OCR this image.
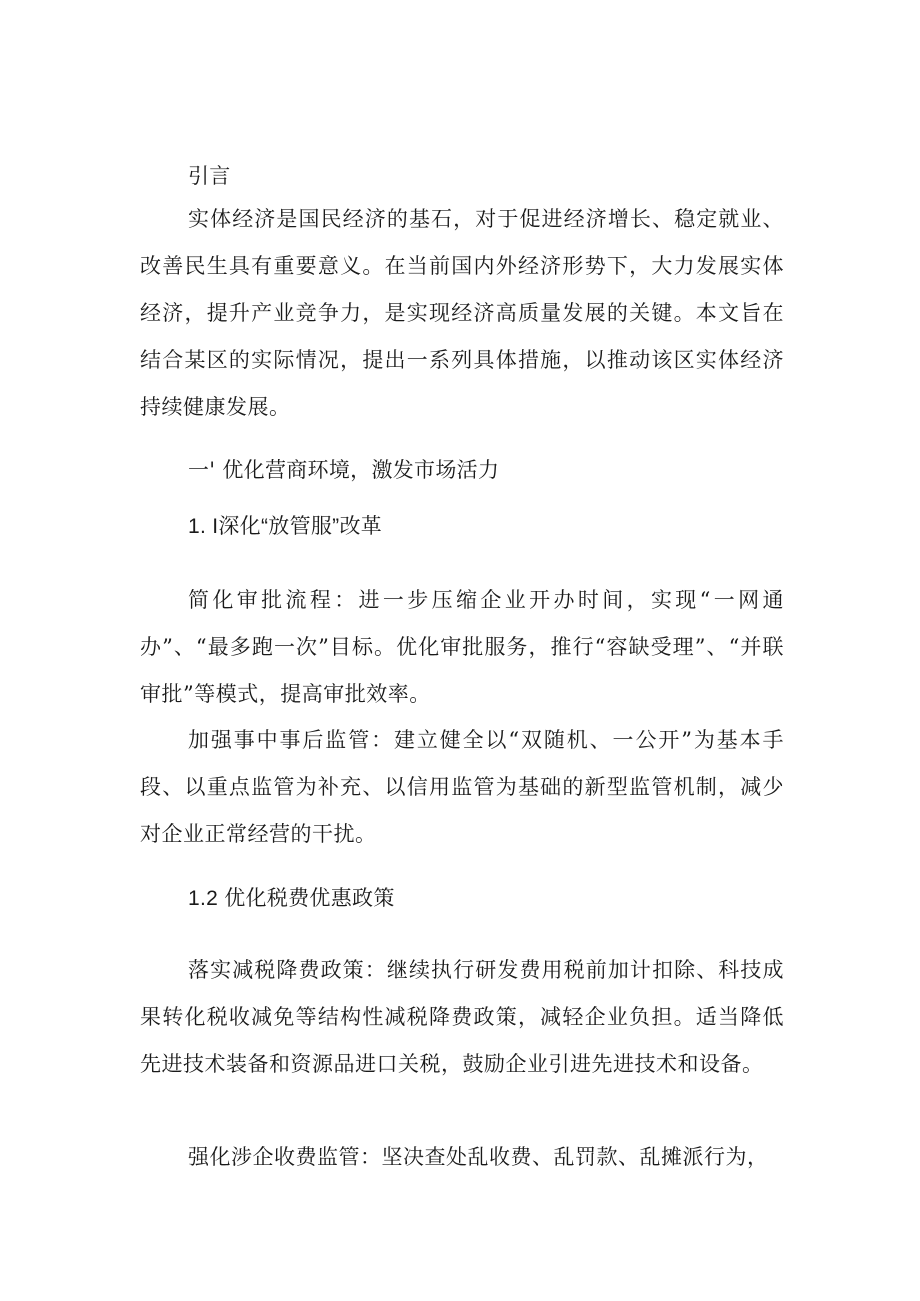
引言
实体经济是国民经济的基石，对于促进经济增长、稳定就业、改善民生具有重要意义。在当前国内外经济形势下，大力发展实体经济，提升产业竞争力，是实现经济高质量发展的关键。本文旨在结合某区的实际情况，提出一系列具体措施，以推动该区实体经济持续健康发展。
一' 优化营商环境，激发市场活力
1. I深化“放管服”改革
简化审批流程：进一步压缩企业开办时间，实现“一网通办”、“最多跑一次”目标。优化审批服务，推行“容缺受理”、“并联审批”等模式，提高审批效率。
加强事中事后监管：建立健全以“双随机、一公开”为基本手段、以重点监管为补充、以信用监管为基础的新型监管机制，减少对企业正常经营的干扰。
1.2 优化税费优惠政策
落实减税降费政策：继续执行研发费用税前加计扣除、科技成果转化税收减免等结构性减税降费政策，减轻企业负担。适当降低先进技术装备和资源品进口关税，鼓励企业引进先进技术和设备。
强化涉企收费监管：坚决查处乱收费、乱罚款、乱摊派行为，
